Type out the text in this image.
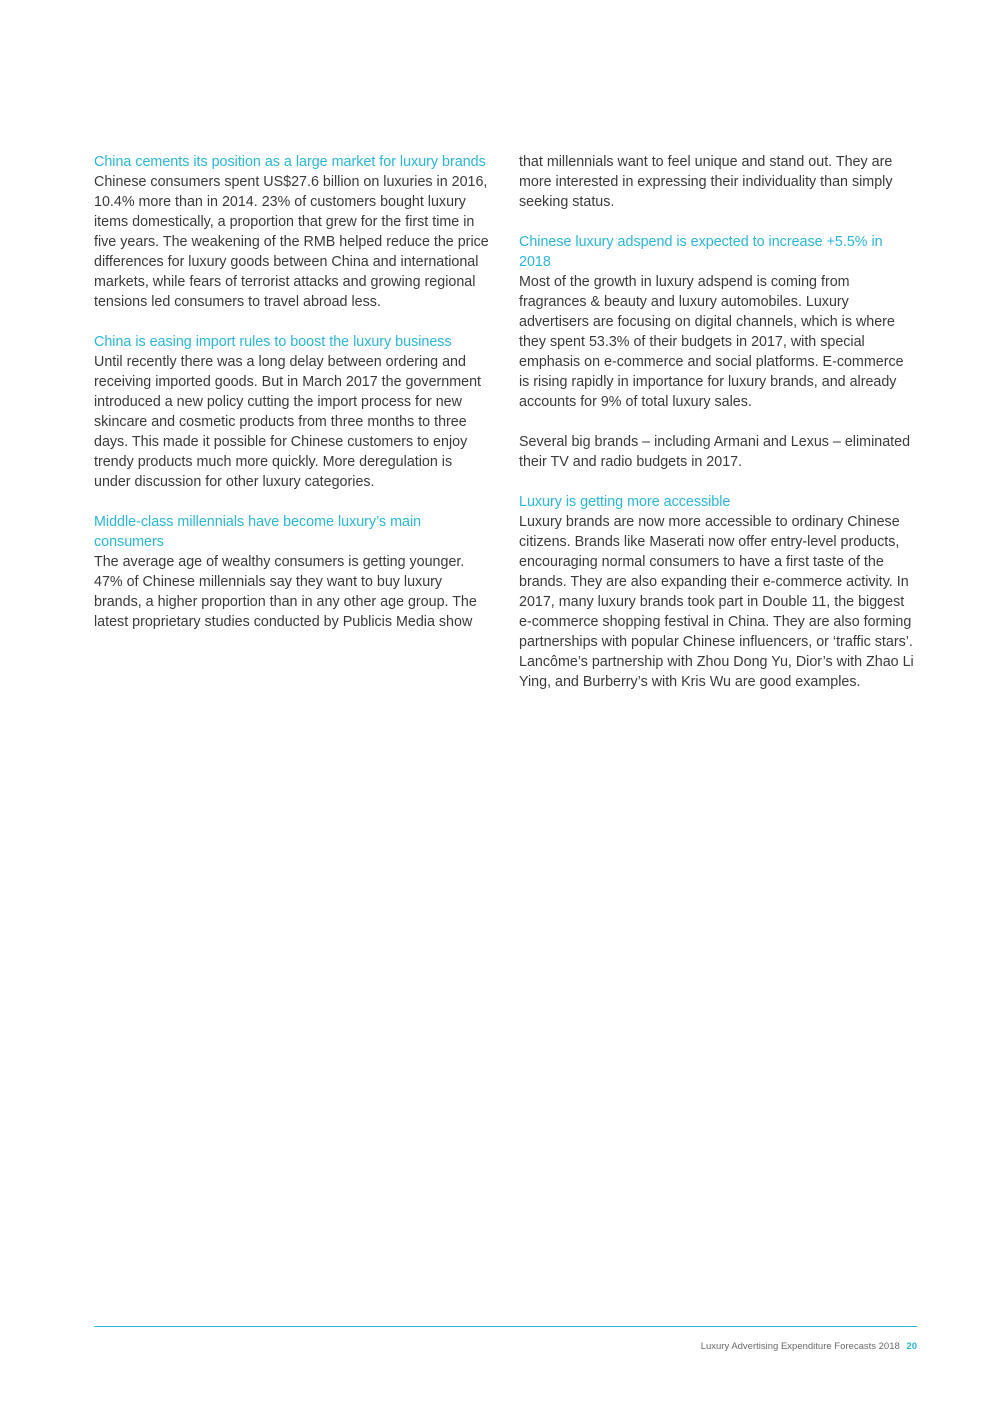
China cements its position as a large market for luxury brands

Chinese consumers spent US$27.6 billion on luxuries in 2016, 10.4% more than in 2014. 23% of customers bought luxury items domestically, a proportion that grew for the first time in five years. The weakening of the RMB helped reduce the price differences for luxury goods between China and international markets, while fears of terrorist attacks and growing regional tensions led consumers to travel abroad less.

China is easing import rules to boost the luxury business

Until recently there was a long delay between ordering and receiving imported goods. But in March 2017 the government introduced a new policy cutting the import process for new skincare and cosmetic products from three months to three days. This made it possible for Chinese customers to enjoy trendy products much more quickly. More deregulation is under discussion for other luxury categories.

Middle-class millennials have become luxury’s main consumers

The average age of wealthy consumers is getting younger. 47% of Chinese millennials say they want to buy luxury brands, a higher proportion than in any other age group. The latest proprietary studies conducted by Publicis Media show

that millennials want to feel unique and stand out. They are more interested in expressing their individuality than simply seeking status.

Chinese luxury adspend is expected to increase +5.5% in 2018

Most of the growth in luxury adspend is coming from fragrances & beauty and luxury automobiles. Luxury advertisers are focusing on digital channels, which is where they spent 53.3% of their budgets in 2017, with special emphasis on e-commerce and social platforms. E-commerce is rising rapidly in importance for luxury brands, and already accounts for 9% of total luxury sales.

Several big brands – including Armani and Lexus – eliminated their TV and radio budgets in 2017.

Luxury is getting more accessible

Luxury brands are now more accessible to ordinary Chinese citizens. Brands like Maserati now offer entry-level products, encouraging normal consumers to have a first taste of the brands. They are also expanding their e-commerce activity. In 2017, many luxury brands took part in Double 11, the biggest e-commerce shopping festival in China. They are also forming partnerships with popular Chinese influencers, or ‘traffic stars’. Lancôme’s partnership with Zhou Dong Yu, Dior’s with Zhao Li Ying, and Burberry’s with Kris Wu are good examples.

Luxury Advertising Expenditure Forecasts 2018 20
